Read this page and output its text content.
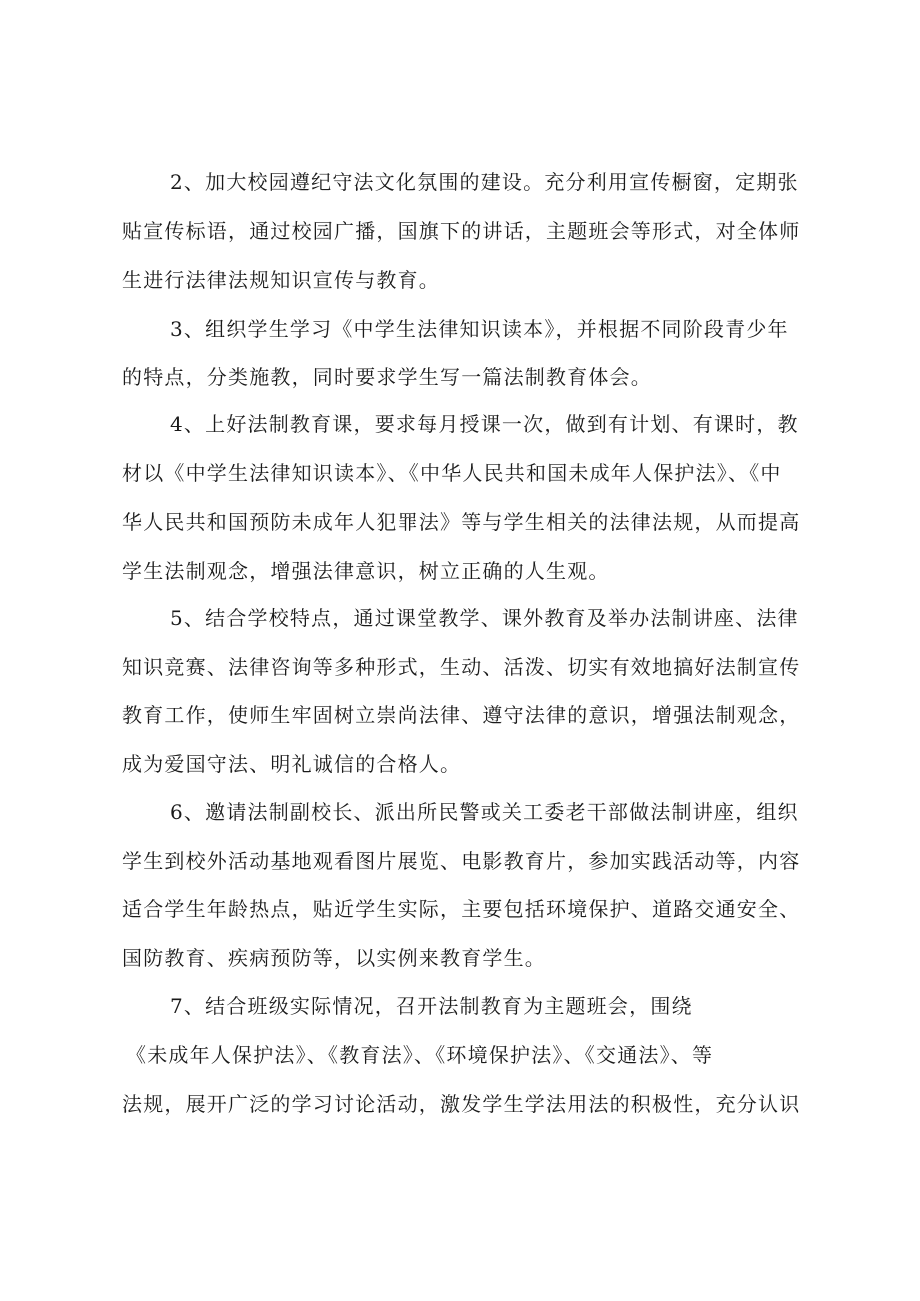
2、加大校园遵纪守法文化氛围的建设。充分利用宣传橱窗，定期张
贴宣传标语，通过校园广播，国旗下的讲话，主题班会等形式，对全体师
生进行法律法规知识宣传与教育。
3、组织学生学习《中学生法律知识读本》，并根据不同阶段青少年
的特点，分类施教，同时要求学生写一篇法制教育体会。
4、上好法制教育课，要求每月授课一次，做到有计划、有课时，教
材以《中学生法律知识读本》、《中华人民共和国未成年人保护法》、《中
华人民共和国预防未成年人犯罪法》等与学生相关的法律法规，从而提高
学生法制观念，增强法律意识，树立正确的人生观。
5、结合学校特点，通过课堂教学、课外教育及举办法制讲座、法律
知识竞赛、法律咨询等多种形式，生动、活泼、切实有效地搞好法制宣传
教育工作，使师生牢固树立崇尚法律、遵守法律的意识，增强法制观念，
成为爱国守法、明礼诚信的合格人。
6、邀请法制副校长、派出所民警或关工委老干部做法制讲座，组织
学生到校外活动基地观看图片展览、电影教育片，参加实践活动等，内容
适合学生年龄热点，贴近学生实际，主要包括环境保护、道路交通安全、
国防教育、疾病预防等，以实例来教育学生。
7、结合班级实际情况，召开法制教育为主题班会，围绕
《未成年人保护法》、《教育法》、《环境保护法》、《交通法》、等
法规，展开广泛的学习讨论活动，激发学生学法用法的积极性，充分认识
